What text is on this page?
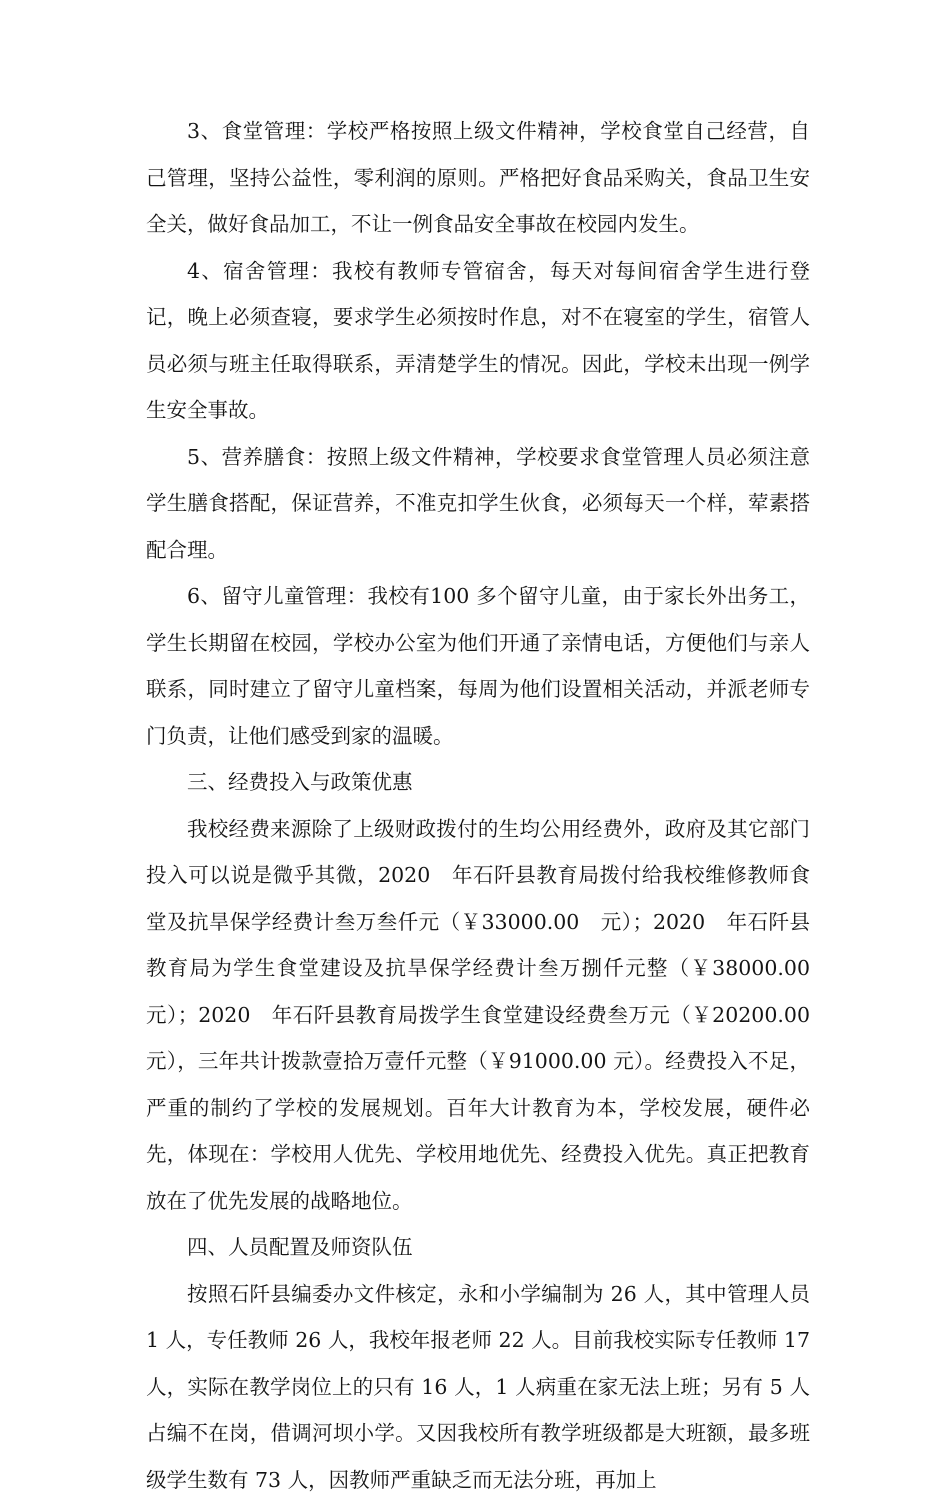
3、食堂管理：学校严格按照上级文件精神，学校食堂自己经营，自己管理，坚持公益性，零利润的原则。严格把好食品采购关，食品卫生安全关，做好食品加工，不让一例食品安全事故在校园内发生。

4、宿舍管理：我校有教师专管宿舍，每天对每间宿舍学生进行登记，晚上必须查寝，要求学生必须按时作息，对不在寝室的学生，宿管人员必须与班主任取得联系，弄清楚学生的情况。因此，学校未出现一例学生安全事故。

5、营养膳食：按照上级文件精神，学校要求食堂管理人员必须注意学生膳食搭配，保证营养，不准克扣学生伙食，必须每天一个样，荤素搭配合理。

6、留守儿童管理：我校有100 多个留守儿童，由于家长外出务工，学生长期留在校园，学校办公室为他们开通了亲情电话，方便他们与亲人联系，同时建立了留守儿童档案，每周为他们设置相关活动，并派老师专门负责，让他们感受到家的温暖。

三、经费投入与政策优惠

我校经费来源除了上级财政拨付的生均公用经费外，政府及其它部门投入可以说是微乎其微，2020　年石阡县教育局拨付给我校维修教师食堂及抗旱保学经费计叁万叁仟元（￥33000.00　元）；2020　年石阡县教育局为学生食堂建设及抗旱保学经费计叁万捌仟元整（￥38000.00　元）；2020　年石阡县教育局拨学生食堂建设经费叁万元（￥20200.00　元），三年共计拨款壹拾万壹仟元整（￥91000.00 元）。经费投入不足，严重的制约了学校的发展规划。百年大计教育为本，学校发展，硬件必先，体现在：学校用人优先、学校用地优先、经费投入优先。真正把教育放在了优先发展的战略地位。

四、人员配置及师资队伍

按照石阡县编委办文件核定，永和小学编制为 26 人，其中管理人员 1 人，专任教师 26 人，我校年报老师 22 人。目前我校实际专任教师 17 人，实际在教学岗位上的只有 16 人，1 人病重在家无法上班；另有 5 人占编不在岗，借调河坝小学。又因我校所有教学班级都是大班额，最多班级学生数有 73 人，因教师严重缺乏而无法分班，再加上
